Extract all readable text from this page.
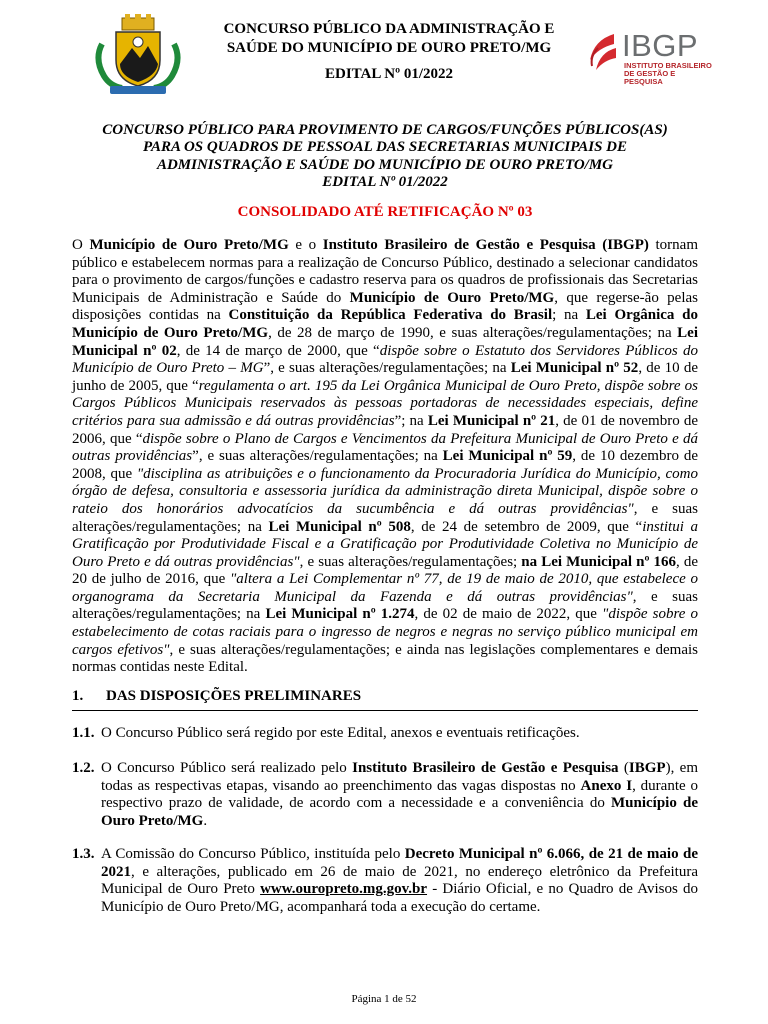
IBGP
INSTITUTO BRASILEIRO
DE GESTÃO E PESQUISA
CONCURSO PÚBLICO DA ADMINISTRAÇÃO E
SAÚDE DO MUNICÍPIO DE OURO PRETO/MG
EDITAL Nº 01/2022
CONCURSO PÚBLICO PARA PROVIMENTO DE CARGOS/FUNÇÕES PÚBLICOS(AS)
PARA OS QUADROS DE PESSOAL DAS SECRETARIAS MUNICIPAIS DE
ADMINISTRAÇÃO E SAÚDE DO MUNICÍPIO DE OURO PRETO/MG
EDITAL Nº 01/2022
CONSOLIDADO ATÉ RETIFICAÇÃO Nº 03

O Município de Ouro Preto/MG e o Instituto Brasileiro de Gestão e Pesquisa (IBGP) tornam público e estabelecem normas para a realização de Concurso Público, destinado a selecionar candidatos para o provimento de cargos/funções e cadastro reserva para os quadros de profissionais das Secretarias Municipais de Administração e Saúde do Município de Ouro Preto/MG, que regerse-ão pelas disposições contidas na Constituição da República Federativa do Brasil; na Lei Orgânica do Município de Ouro Preto/MG, de 28 de março de 1990, e suas alterações/regulamentações; na Lei Municipal nº 02, de 14 de março de 2000, que “dispõe sobre o Estatuto dos Servidores Públicos do Município de Ouro Preto – MG”, e suas alterações/regulamentações; na Lei Municipal nº 52, de 10 de junho de 2005, que “regulamenta o art. 195 da Lei Orgânica Municipal de Ouro Preto, dispõe sobre os Cargos Públicos Municipais reservados às pessoas portadoras de necessidades especiais, define critérios para sua admissão e dá outras providências”; na Lei Municipal nº 21, de 01 de novembro de 2006, que “dispõe sobre o Plano de Cargos e Vencimentos da Prefeitura Municipal de Ouro Preto e dá outras providências”, e suas alterações/regulamentações; na Lei Municipal nº 59, de 10 dezembro de 2008, que "disciplina as atribuições e o funcionamento da Procuradoria Jurídica do Município, como órgão de defesa, consultoria e assessoria jurídica da administração direta Municipal, dispõe sobre o rateio dos honorários advocatícios da sucumbência e dá outras providências", e suas alterações/regulamentações; na Lei Municipal nº 508, de 24 de setembro de 2009, que “institui a Gratificação por Produtividade Fiscal e a Gratificação por Produtividade Coletiva no Município de Ouro Preto e dá outras providências", e suas alterações/regulamentações; na Lei Municipal nº 166, de 20 de julho de 2016, que "altera a Lei Complementar nº 77, de 19 de maio de 2010, que estabelece o organograma da Secretaria Municipal da Fazenda e dá outras providências", e suas alterações/regulamentações; na Lei Municipal nº 1.274, de 02 de maio de 2022, que "dispõe sobre o estabelecimento de cotas raciais para o ingresso de negros e negras no serviço público municipal em cargos efetivos", e suas alterações/regulamentações; e ainda nas legislações complementares e demais normas contidas neste Edital.

1. DAS DISPOSIÇÕES PRELIMINARES
1.1. O Concurso Público será regido por este Edital, anexos e eventuais retificações.
1.2. O Concurso Público será realizado pelo Instituto Brasileiro de Gestão e Pesquisa (IBGP), em todas as respectivas etapas, visando ao preenchimento das vagas dispostas no Anexo I, durante o respectivo prazo de validade, de acordo com a necessidade e a conveniência do Município de Ouro Preto/MG.
1.3. A Comissão do Concurso Público, instituída pelo Decreto Municipal nº 6.066, de 21 de maio de 2021, e alterações, publicado em 26 de maio de 2021, no endereço eletrônico da Prefeitura Municipal de Ouro Preto www.ouropreto.mg.gov.br - Diário Oficial, e no Quadro de Avisos do Município de Ouro Preto/MG, acompanhará toda a execução do certame.
Página 1 de 52
